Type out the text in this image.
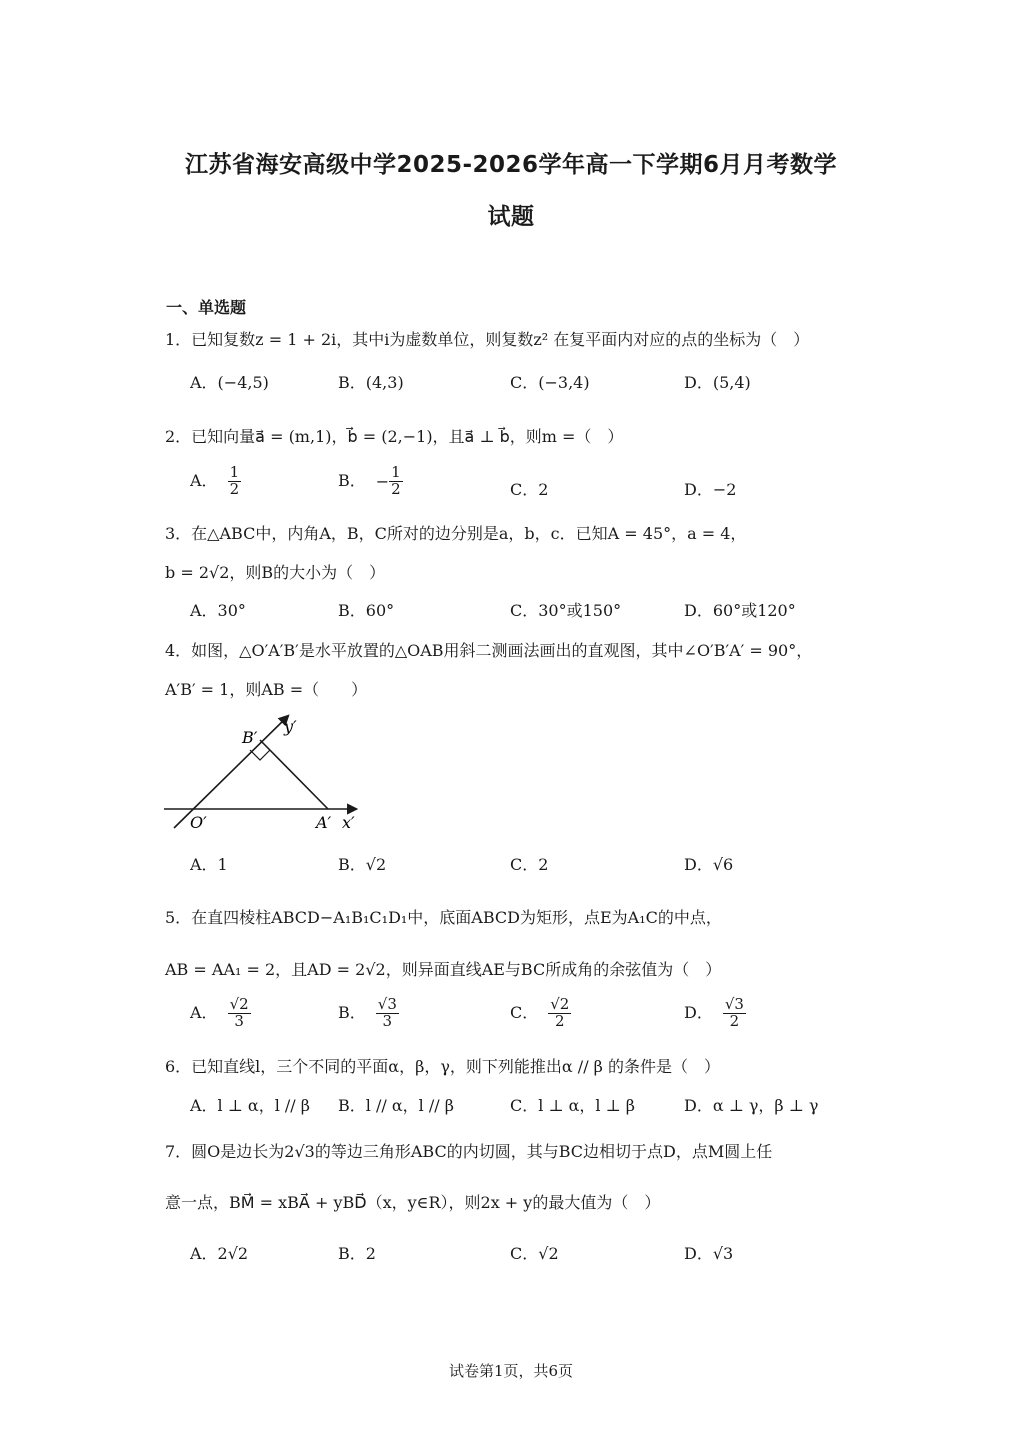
江苏省海安高级中学2025-2026学年高一下学期6月月考数学
试题
一、单选题
1．已知复数z = 1 + 2i，其中i为虚数单位，则复数z² 在复平面内对应的点的坐标为（　）
A．(−4,5)	B．(4,3)	C．(−3,4)	D．(5,4)
2．已知向量a⃗ = (m,1)，b⃗ = (2,−1)，且a⃗ ⊥ b⃗，则m =（　）
A． $\frac{1}{2}$	B． − $\frac{1}{2}$	C．2	D．−2
3．在△ABC中，内角A，B，C所对的边分别是a，b，c．已知A = 45°，a = 4，
b = 2√2，则B的大小为（　）
A．30°	B．60°	C．30°或150°	D．60°或120°
4．如图，△O′A′B′是水平放置的△OAB用斜二测画法画出的直观图，其中∠O′B′A′ = 90°，
A′B′ = 1，则AB =（　　）
B′
y′
O′	A′ x′
A．1	B．√2	C．2	D．√6
5．在直四棱柱ABCD−A₁B₁C₁D₁中，底面ABCD为矩形，点E为A₁C的中点，
AB = AA₁ = 2，且AD = 2√2，则异面直线AE与BC所成角的余弦值为（　）
A． $\frac{√2}{3}$	B． $\frac{√3}{3}$	C． $\frac{√2}{2}$	D． $\frac{√3}{2}$
6．已知直线l，三个不同的平面α，β，γ，则下列能推出α // β 的条件是（　）
A．l ⊥ α，l // β B．l // α，l // β	C．l ⊥ α，l ⊥ β	D．α ⊥ γ，β ⊥ γ
7．圆O是边长为2√3的等边三角形ABC的内切圆，其与BC边相切于点D，点M圆上任
意一点，BM⃗ = xBA⃗ + yBD⃗（x，y∈R），则2x + y的最大值为（　）
A．2√2	B．2	C．√2	D．√3
试卷第1页，共6页
